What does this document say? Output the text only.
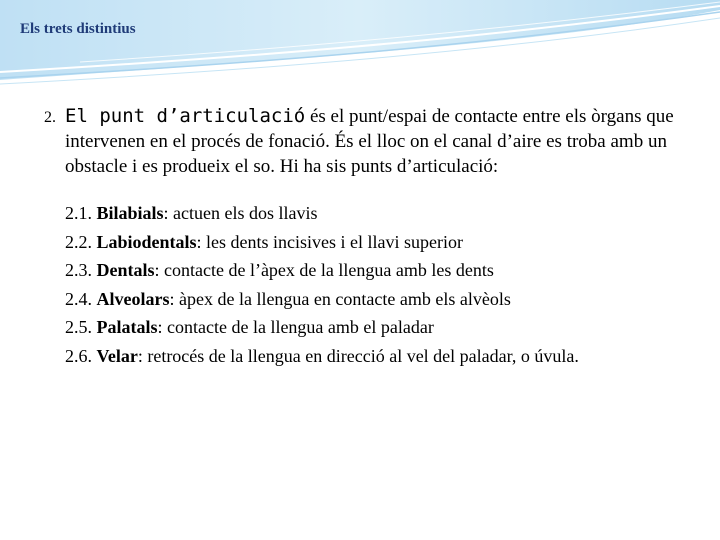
Els trets distintius
2. El punt d’articulació és el punt/espai de contacte entre els òrgans que intervenen en el procés de fonació. És el lloc on el canal d’aire es troba amb un obstacle i es produeix el so. Hi ha sis punts d’articulació:
2.1. Bilabials: actuen els dos llavis
2.2. Labiodentals: les dents incisives i el llavi superior
2.3. Dentals: contacte de l’àpex de la llengua amb les dents
2.4. Alveolars: àpex de la llengua en contacte amb els alvèols
2.5. Palatals: contacte de la llengua amb el paladar
2.6. Velar: retrocés de la llengua en direcció al vel del paladar, o úvula.
